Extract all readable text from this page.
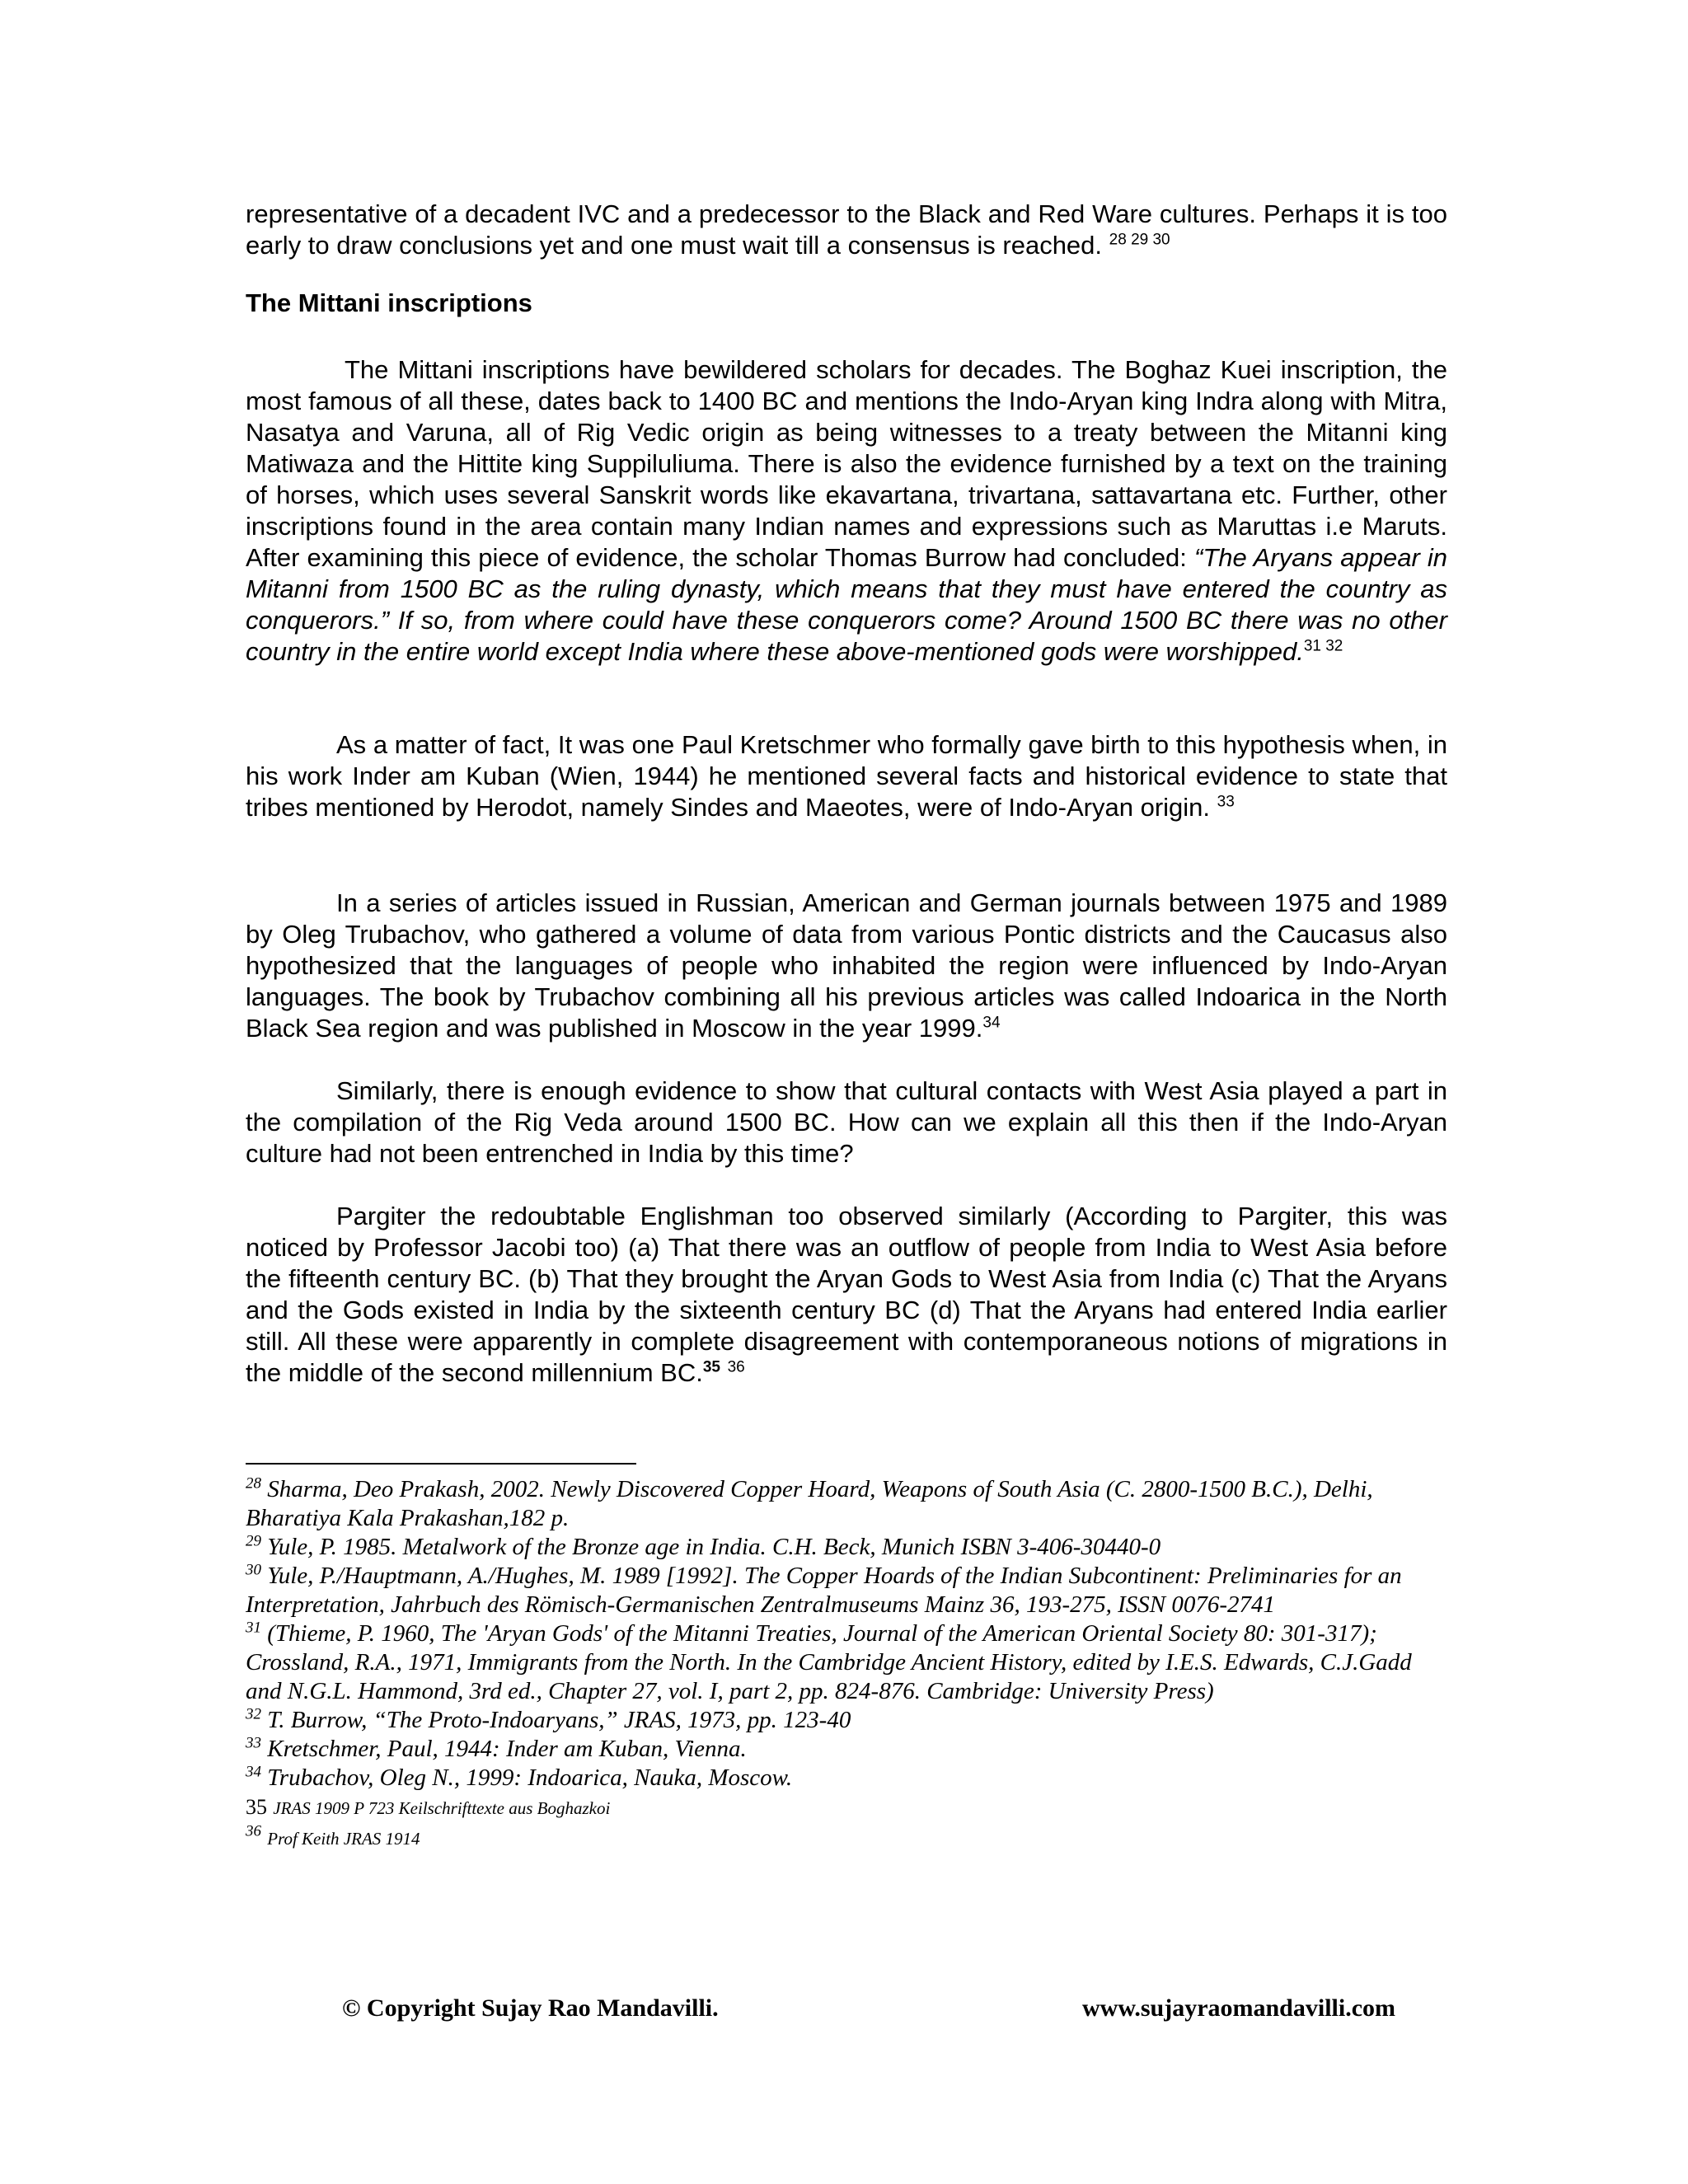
representative of a decadent IVC and a predecessor to the Black and Red Ware cultures. Perhaps it is too early to draw conclusions yet and one must wait till a consensus is reached. $^{28 29 30}$

The Mittani inscriptions

The Mittani inscriptions have bewildered scholars for decades. The Boghaz Kuei inscription, the most famous of all these, dates back to 1400 BC and mentions the Indo-Aryan king Indra along with Mitra, Nasatya and Varuna, all of Rig Vedic origin as being witnesses to a treaty between the Mitanni king Matiwaza and the Hittite king Suppiluliuma. There is also the evidence furnished by a text on the training of horses, which uses several Sanskrit words like ekavartana, trivartana, sattavartana etc. Further, other inscriptions found in the area contain many Indian names and expressions such as Maruttas i.e Maruts. After examining this piece of evidence, the scholar Thomas Burrow had concluded: “The Aryans appear in Mitanni from 1500 BC as the ruling dynasty, which means that they must have entered the country as conquerors.” If so, from where could have these conquerors come? Around 1500 BC there was no other country in the entire world except India where these above-mentioned gods were worshipped.$^{31 32}$

As a matter of fact, It was one Paul Kretschmer who formally gave birth to this hypothesis when, in his work Inder am Kuban (Wien, 1944) he mentioned several facts and historical evidence to state that tribes mentioned by Herodot, namely Sindes and Maeotes, were of Indo-Aryan origin. $^{33}$

In a series of articles issued in Russian, American and German journals between 1975 and 1989 by Oleg Trubachov, who gathered a volume of data from various Pontic districts and the Caucasus also hypothesized that the languages of people who inhabited the region were influenced by Indo-Aryan languages. The book by Trubachov combining all his previous articles was called Indoarica in the North Black Sea region and was published in Moscow in the year 1999.34

Similarly, there is enough evidence to show that cultural contacts with West Asia played a part in the compilation of the Rig Veda around 1500 BC. How can we explain all this then if the Indo-Aryan culture had not been entrenched in India by this time?

Pargiter the redoubtable Englishman too observed similarly (According to Pargiter, this was noticed by Professor Jacobi too) (a) That there was an outflow of people from India to West Asia before the fifteenth century BC. (b) That they brought the Aryan Gods to West Asia from India (c) That the Aryans and the Gods existed in India by the sixteenth century BC (d) That the Aryans had entered India earlier still. All these were apparently in complete disagreement with contemporaneous notions of migrations in the middle of the second millennium BC.$^{35}$ $^{36}$

$^{28}$ Sharma, Deo Prakash, 2002. Newly Discovered Copper Hoard, Weapons of South Asia (C. 2800-1500 B.C.), Delhi, Bharatiya Kala Prakashan,182 p.

$^{29}$ Yule, P. 1985. Metalwork of the Bronze age in India. C.H. Beck, Munich ISBN 3-406-30440-0

$^{30}$ Yule, P./Hauptmann, A./Hughes, M. 1989 [1992]. The Copper Hoards of the Indian Subcontinent: Preliminaries for an Interpretation, Jahrbuch des Römisch-Germanischen Zentralmuseums Mainz 36, 193-275, ISSN 0076-2741

$^{31}$ (Thieme, P. 1960, The 'Aryan Gods' of the Mitanni Treaties, Journal of the American Oriental Society 80: 301-317); Crossland, R.A., 1971, Immigrants from the North. In the Cambridge Ancient History, edited by I.E.S. Edwards, C.J.Gadd and N.G.L. Hammond, 3rd ed., Chapter 27, vol. I, part 2, pp. 824-876. Cambridge: University Press)

$^{32}$ T. Burrow, “The Proto-Indoaryans,” JRAS, 1973, pp. 123-40

$^{33}$ Kretschmer, Paul, 1944: Inder am Kuban, Vienna.

$^{34}$ Trubachov, Oleg N., 1999: Indoarica, Nauka, Moscow.

35 JRAS 1909 P 723 Keilschrifttexte aus Boghazkoi

$^{36}$ Prof Keith JRAS 1914

© Copyright Sujay Rao Mandavilli.	www.sujayraomandavilli.com
